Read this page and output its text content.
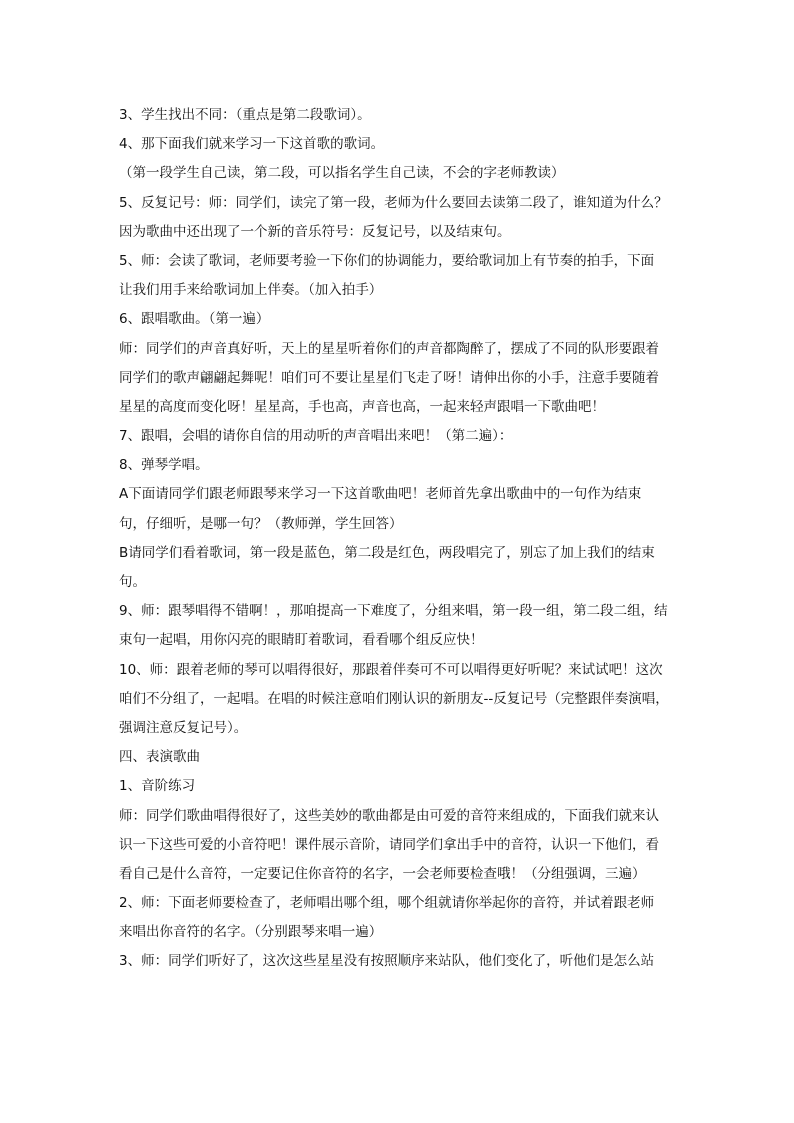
3、学生找出不同：（重点是第二段歌词）。
4、那下面我们就来学习一下这首歌的歌词。
（第一段学生自己读，第二段，可以指名学生自己读，不会的字老师教读）
5、反复记号：师：同学们，读完了第一段，老师为什么要回去读第二段了，谁知道为什么？
因为歌曲中还出现了一个新的音乐符号：反复记号，以及结束句。
5、师：会读了歌词，老师要考验一下你们的协调能力，要给歌词加上有节奏的拍手，下面
让我们用手来给歌词加上伴奏。（加入拍手）
6、跟唱歌曲。（第一遍）
师：同学们的声音真好听，天上的星星听着你们的声音都陶醉了，摆成了不同的队形要跟着
同学们的歌声翩翩起舞呢！咱们可不要让星星们飞走了呀！请伸出你的小手，注意手要随着
星星的高度而变化呀！星星高，手也高，声音也高，一起来轻声跟唱一下歌曲吧！
7、跟唱，会唱的请你自信的用动听的声音唱出来吧！（第二遍）：
8、弹琴学唱。
A下面请同学们跟老师跟琴来学习一下这首歌曲吧！老师首先拿出歌曲中的一句作为结束
句，仔细听，是哪一句？（教师弹，学生回答）
B请同学们看着歌词，第一段是蓝色，第二段是红色，两段唱完了，别忘了加上我们的结束
句。
9、师：跟琴唱得不错啊！，那咱提高一下难度了，分组来唱，第一段一组，第二段二组，结
束句一起唱，用你闪亮的眼睛盯着歌词，看看哪个组反应快！
10、师：跟着老师的琴可以唱得很好，那跟着伴奏可不可以唱得更好听呢？来试试吧！这次
咱们不分组了，一起唱。在唱的时候注意咱们刚认识的新朋友--反复记号（完整跟伴奏演唱，
强调注意反复记号）。
四、表演歌曲
1、音阶练习
师：同学们歌曲唱得很好了，这些美妙的歌曲都是由可爱的音符来组成的，下面我们就来认
识一下这些可爱的小音符吧！课件展示音阶，请同学们拿出手中的音符，认识一下他们，看
看自己是什么音符，一定要记住你音符的名字，一会老师要检查哦！（分组强调，三遍）
2、师：下面老师要检查了，老师唱出哪个组，哪个组就请你举起你的音符，并试着跟老师
来唱出你音符的名字。（分别跟琴来唱一遍）
3、师：同学们听好了，这次这些星星没有按照顺序来站队，他们变化了，听他们是怎么站
